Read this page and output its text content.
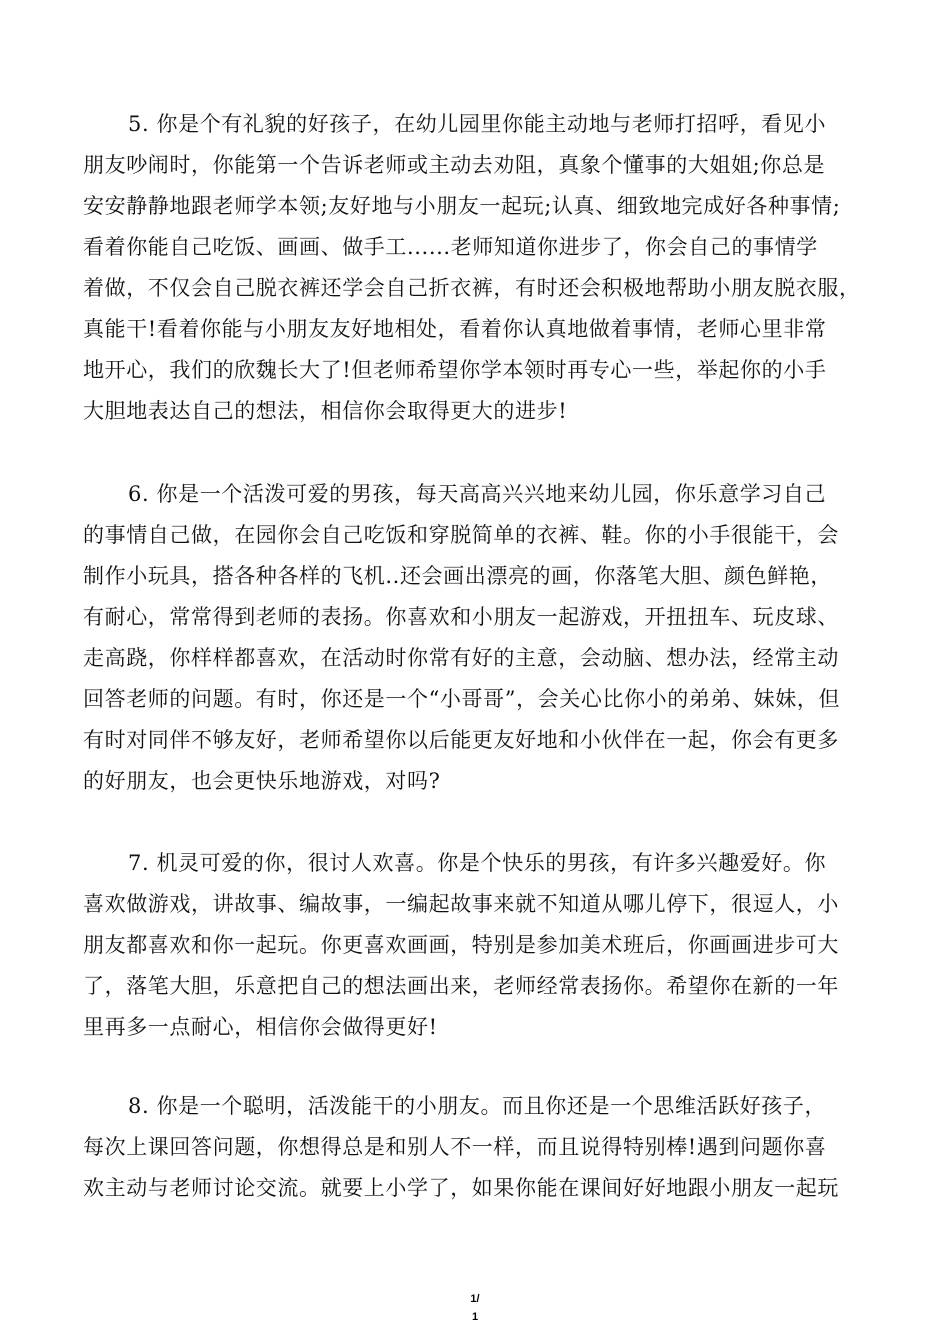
5. 你是个有礼貌的好孩子，在幼儿园里你能主动地与老师打招呼，看见小
朋友吵闹时，你能第一个告诉老师或主动去劝阻，真象个懂事的大姐姐;你总是
安安静静地跟老师学本领;友好地与小朋友一起玩;认真、细致地完成好各种事情;
看着你能自己吃饭、画画、做手工......老师知道你进步了，你会自己的事情学
着做，不仅会自己脱衣裤还学会自己折衣裤，有时还会积极地帮助小朋友脱衣服，
真能干!看着你能与小朋友友好地相处，看着你认真地做着事情，老师心里非常
地开心，我们的欣魏长大了!但老师希望你学本领时再专心一些，举起你的小手
大胆地表达自己的想法，相信你会取得更大的进步!
6. 你是一个活泼可爱的男孩，每天高高兴兴地来幼儿园，你乐意学习自己
的事情自己做，在园你会自己吃饭和穿脱简单的衣裤、鞋。你的小手很能干，会
制作小玩具，搭各种各样的飞机..还会画出漂亮的画，你落笔大胆、颜色鲜艳，
有耐心，常常得到老师的表扬。你喜欢和小朋友一起游戏，开扭扭车、玩皮球、
走高跷，你样样都喜欢，在活动时你常有好的主意，会动脑、想办法，经常主动
回答老师的问题。有时，你还是一个“小哥哥”，会关心比你小的弟弟、妹妹，但
有时对同伴不够友好，老师希望你以后能更友好地和小伙伴在一起，你会有更多
的好朋友，也会更快乐地游戏，对吗?
7. 机灵可爱的你，很讨人欢喜。你是个快乐的男孩，有许多兴趣爱好。你
喜欢做游戏，讲故事、编故事，一编起故事来就不知道从哪儿停下，很逗人，小
朋友都喜欢和你一起玩。你更喜欢画画，特别是参加美术班后，你画画进步可大
了，落笔大胆，乐意把自己的想法画出来，老师经常表扬你。希望你在新的一年
里再多一点耐心，相信你会做得更好!
8. 你是一个聪明，活泼能干的小朋友。而且你还是一个思维活跃好孩子，
每次上课回答问题，你想得总是和别人不一样，而且说得特别棒!遇到问题你喜
欢主动与老师讨论交流。就要上小学了，如果你能在课间好好地跟小朋友一起玩
1/
1
